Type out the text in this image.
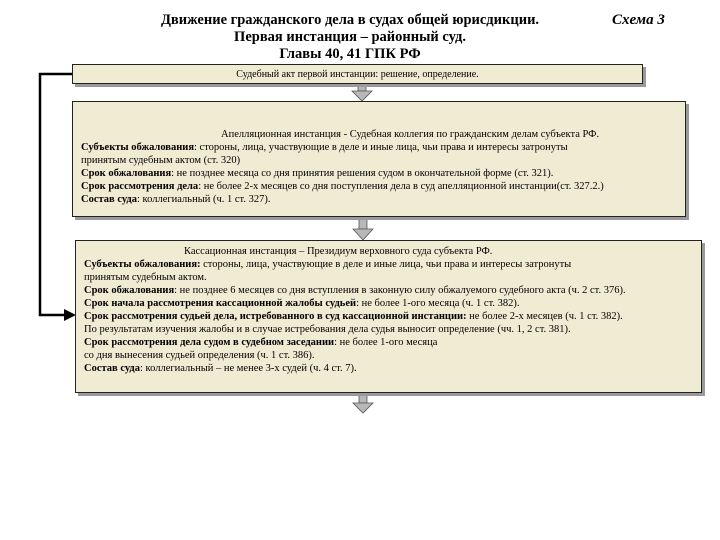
Движение гражданского дела в судах общей юрисдикции.
Первая инстанция – районный суд.
Главы 40, 41 ГПК РФ
Схема 3
Судебный акт первой инстанции: решение, определение.
Апелляционная инстанция - Судебная коллегия по гражданским делам субъекта РФ.
Субъекты обжалования: стороны, лица, участвующие в деле и иные лица, чьи права и интересы затронуты
принятым судебным актом (ст. 320)
Срок обжалования: не позднее месяца со дня принятия решения судом в окончательной форме (ст. 321).
Срок рассмотрения дела: не более 2-х месяцев со дня поступления дела в суд апелляционной инстанции(ст. 327.2.)
Состав суда: коллегиальный (ч. 1 ст. 327).
Кассационная инстанция – Президиум верховного суда субъекта РФ.
Субъекты обжалования: стороны, лица, участвующие в деле и иные лица, чьи права и интересы затронуты
принятым судебным актом.
Срок обжалования: не позднее 6 месяцев со дня вступления в законную силу обжалуемого судебного акта (ч. 2 ст. 376).
Срок начала рассмотрения кассационной жалобы судьей: не более 1-ого месяца (ч. 1 ст. 382).
Срок рассмотрения судьей дела, истребованного в суд кассационной инстанции: не более 2-х месяцев (ч. 1 ст. 382).
По результатам изучения жалобы и в случае истребования дела судья выносит определение (чч. 1, 2 ст. 381).
Срок рассмотрения дела судом в судебном заседании: не более 1-ого месяца
со дня вынесения судьей определения (ч. 1 ст. 386).
Состав суда: коллегиальный – не менее 3-х судей (ч. 4 ст. 7).
